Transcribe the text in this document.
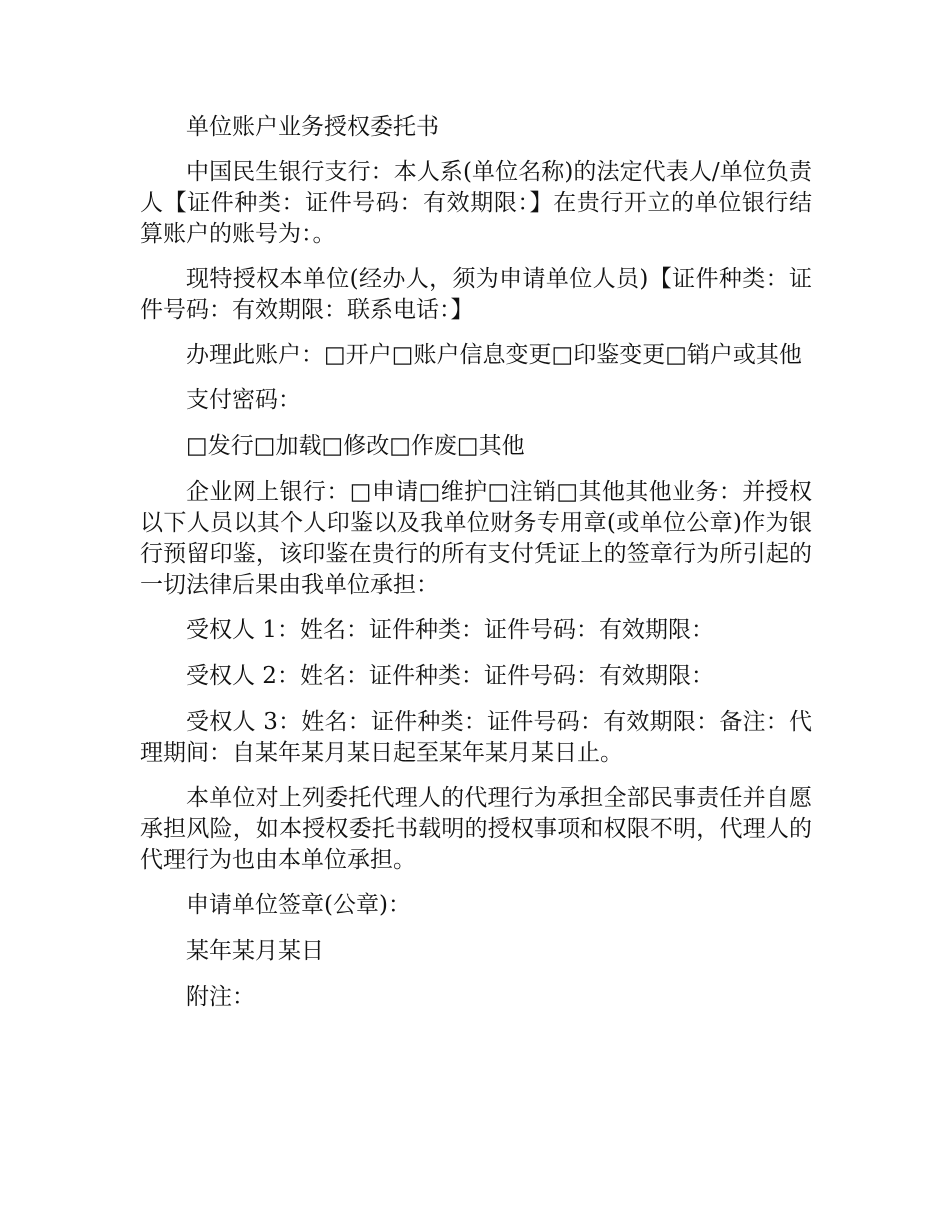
单位账户业务授权委托书

中国民生银行支行：本人系(单位名称)的法定代表人/单位负责人【证件种类：证件号码：有效期限：】在贵行开立的单位银行结算账户的账号为：。

现特授权本单位(经办人，须为申请单位人员)【证件种类：证件号码：有效期限：联系电话：】

办理此账户：□开户□账户信息变更□印鉴变更□销户或其他

支付密码：

□发行□加载□修改□作废□其他

企业网上银行：□申请□维护□注销□其他其他业务：并授权以下人员以其个人印鉴以及我单位财务专用章(或单位公章)作为银行预留印鉴，该印鉴在贵行的所有支付凭证上的签章行为所引起的一切法律后果由我单位承担：

受权人 1：姓名：证件种类：证件号码：有效期限：

受权人 2：姓名：证件种类：证件号码：有效期限：

受权人 3：姓名：证件种类：证件号码：有效期限：备注：代理期间：自某年某月某日起至某年某月某日止。

本单位对上列委托代理人的代理行为承担全部民事责任并自愿承担风险，如本授权委托书载明的授权事项和权限不明，代理人的代理行为也由本单位承担。

申请单位签章(公章)：

某年某月某日

附注：
